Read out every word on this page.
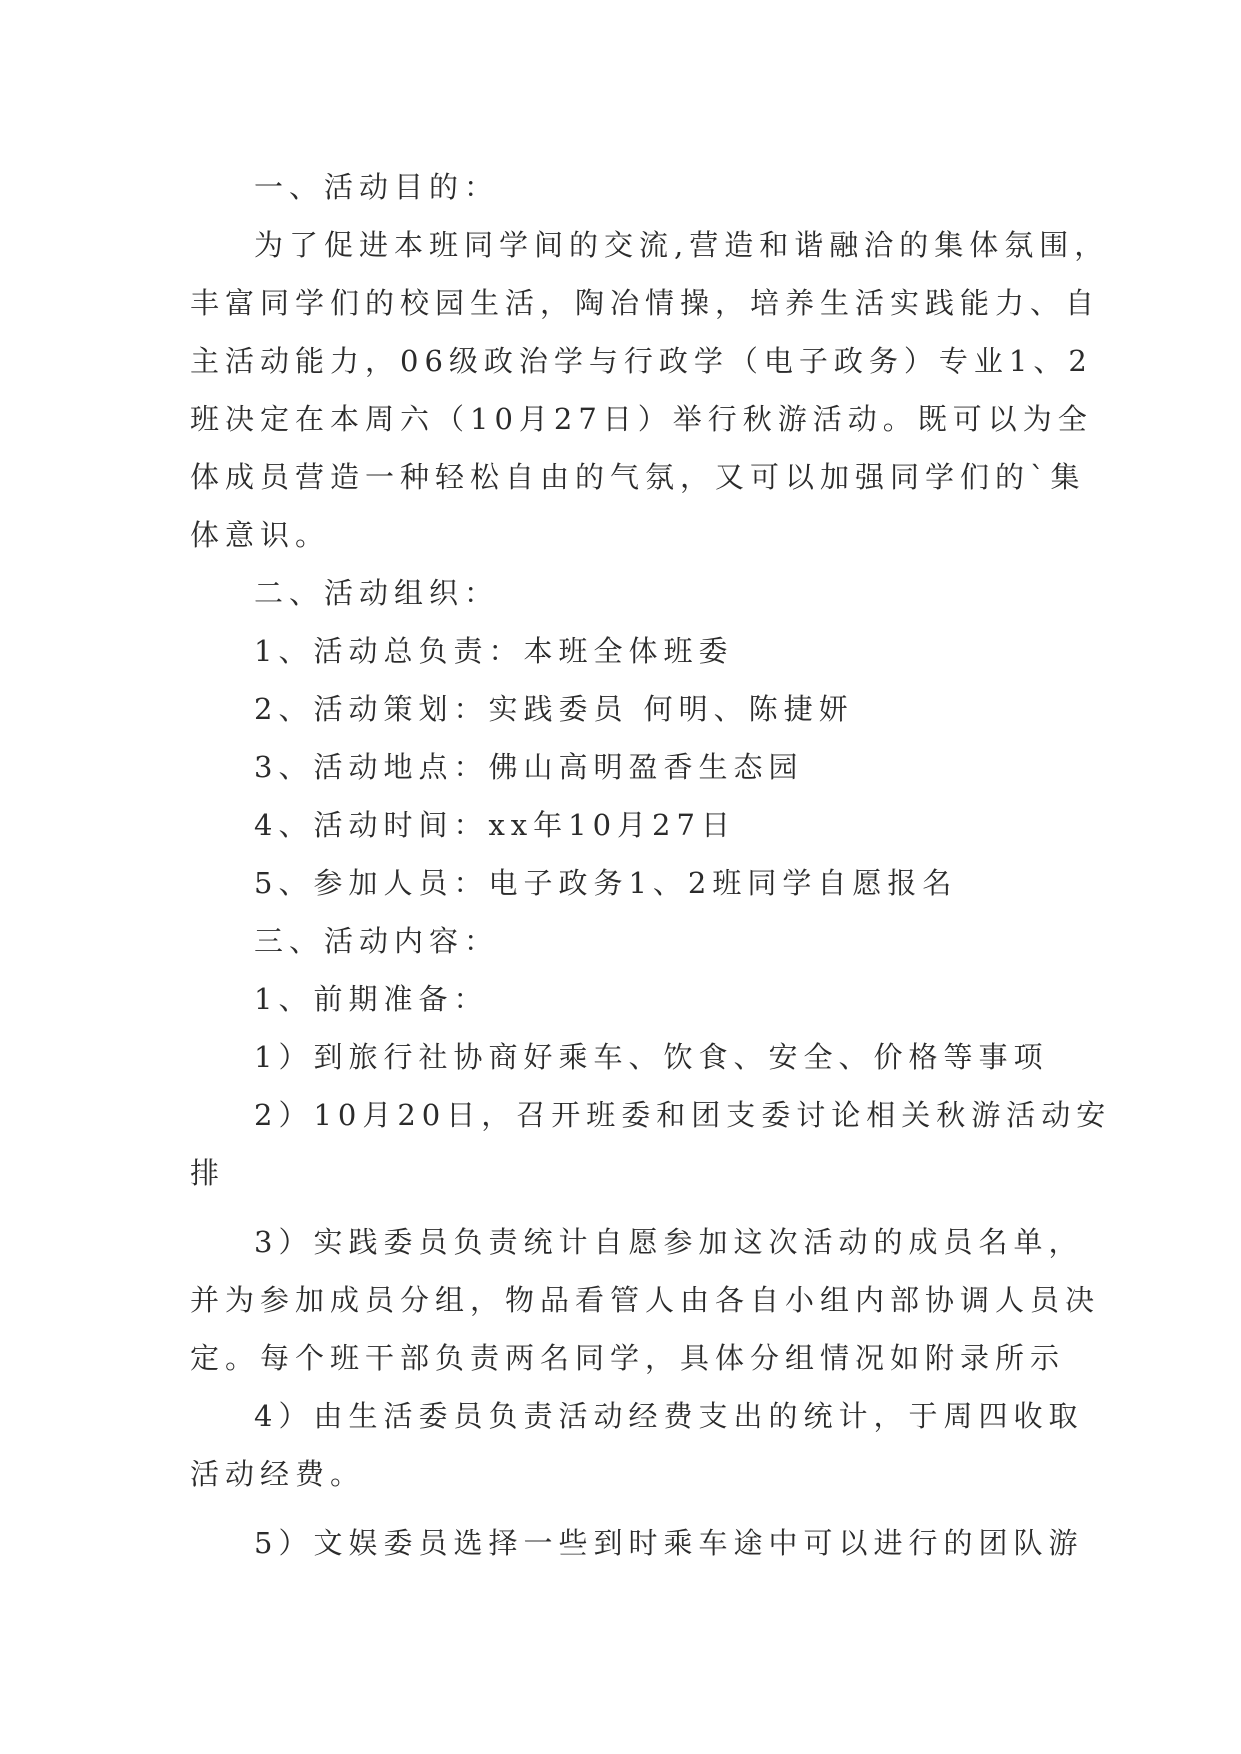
一、活动目的：
为了促进本班同学间的交流,营造和谐融洽的集体氛围，
丰富同学们的校园生活，陶冶情操，培养生活实践能力、自
主活动能力，06级政治学与行政学（电子政务）专业1、2
班决定在本周六（10月27日）举行秋游活动。既可以为全
体成员营造一种轻松自由的气氛，又可以加强同学们的`集
体意识。
二、活动组织：
1、活动总负责：本班全体班委
2、活动策划：实践委员 何明、陈捷妍
3、活动地点：佛山高明盈香生态园
4、活动时间：xx年10月27日
5、参加人员：电子政务1、2班同学自愿报名
三、活动内容：
1、前期准备：
1）到旅行社协商好乘车、饮食、安全、价格等事项
2）10月20日，召开班委和团支委讨论相关秋游活动安
排
3）实践委员负责统计自愿参加这次活动的成员名单，
并为参加成员分组，物品看管人由各自小组内部协调人员决
定。每个班干部负责两名同学，具体分组情况如附录所示
4）由生活委员负责活动经费支出的统计，于周四收取
活动经费。
5）文娱委员选择一些到时乘车途中可以进行的团队游
